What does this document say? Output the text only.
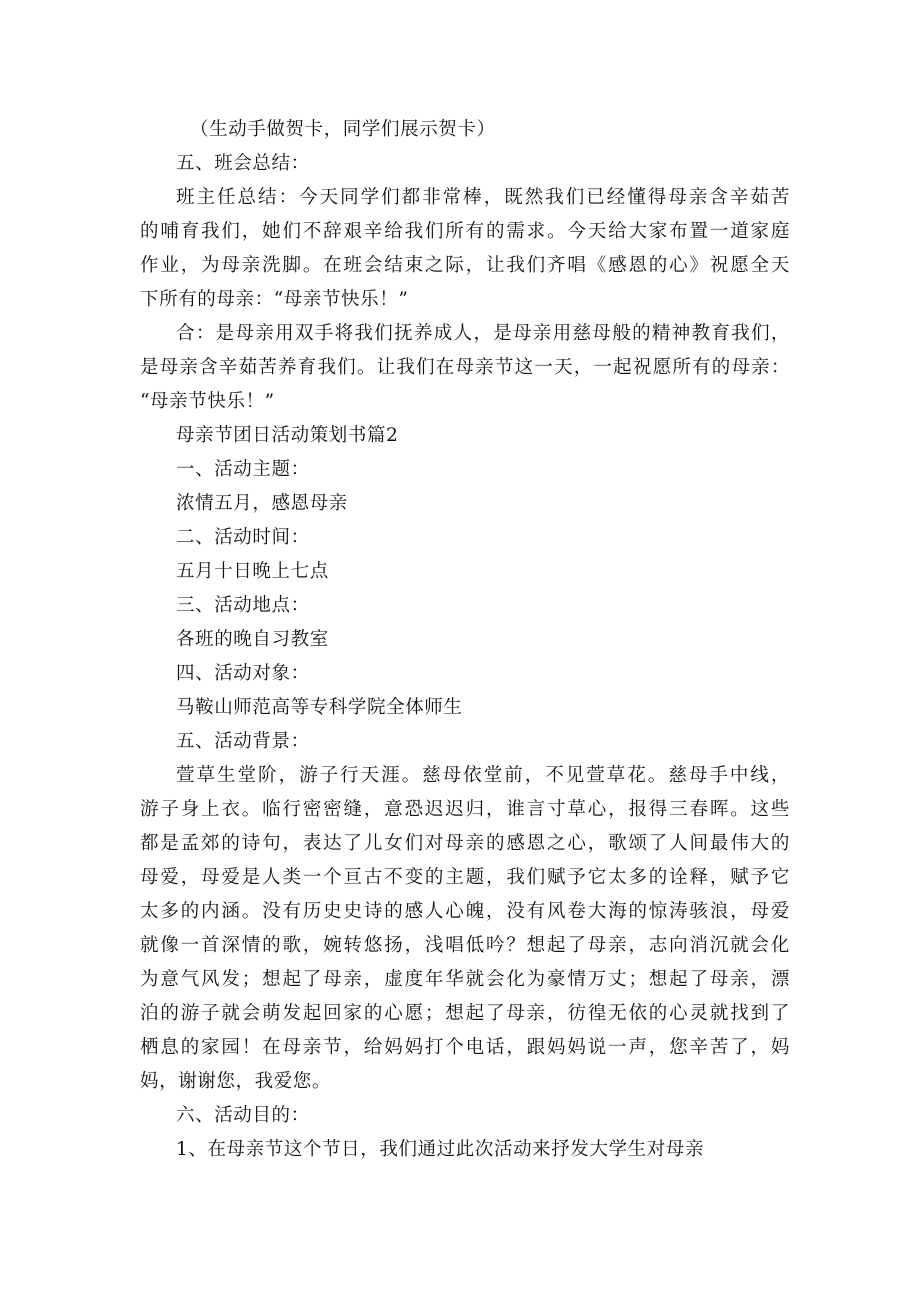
（生动手做贺卡，同学们展示贺卡）
五、班会总结：
班主任总结：今天同学们都非常棒，既然我们已经懂得母亲含辛茹苦
的哺育我们，她们不辞艰辛给我们所有的需求。今天给大家布置一道家庭
作业，为母亲洗脚。在班会结束之际，让我们齐唱《感恩的心》祝愿全天
下所有的母亲：“母亲节快乐！”
合：是母亲用双手将我们抚养成人，是母亲用慈母般的精神教育我们，
是母亲含辛茹苦养育我们。让我们在母亲节这一天，一起祝愿所有的母亲：
“母亲节快乐！”
母亲节团日活动策划书篇2
一、活动主题：
浓情五月，感恩母亲
二、活动时间：
五月十日晚上七点
三、活动地点：
各班的晚自习教室
四、活动对象：
马鞍山师范高等专科学院全体师生
五、活动背景：
萱草生堂阶，游子行天涯。慈母依堂前，不见萱草花。慈母手中线，
游子身上衣。临行密密缝，意恐迟迟归，谁言寸草心，报得三春晖。这些
都是孟郊的诗句，表达了儿女们对母亲的感恩之心，歌颂了人间最伟大的
母爱，母爱是人类一个亘古不变的主题，我们赋予它太多的诠释，赋予它
太多的内涵。没有历史史诗的感人心魄，没有风卷大海的惊涛骇浪，母爱
就像一首深情的歌，婉转悠扬，浅唱低吟？想起了母亲，志向消沉就会化
为意气风发；想起了母亲，虚度年华就会化为豪情万丈；想起了母亲，漂
泊的游子就会萌发起回家的心愿；想起了母亲，彷徨无依的心灵就找到了
栖息的家园！在母亲节，给妈妈打个电话，跟妈妈说一声，您辛苦了，妈
妈，谢谢您，我爱您。
六、活动目的：
1、在母亲节这个节日，我们通过此次活动来抒发大学生对母亲
